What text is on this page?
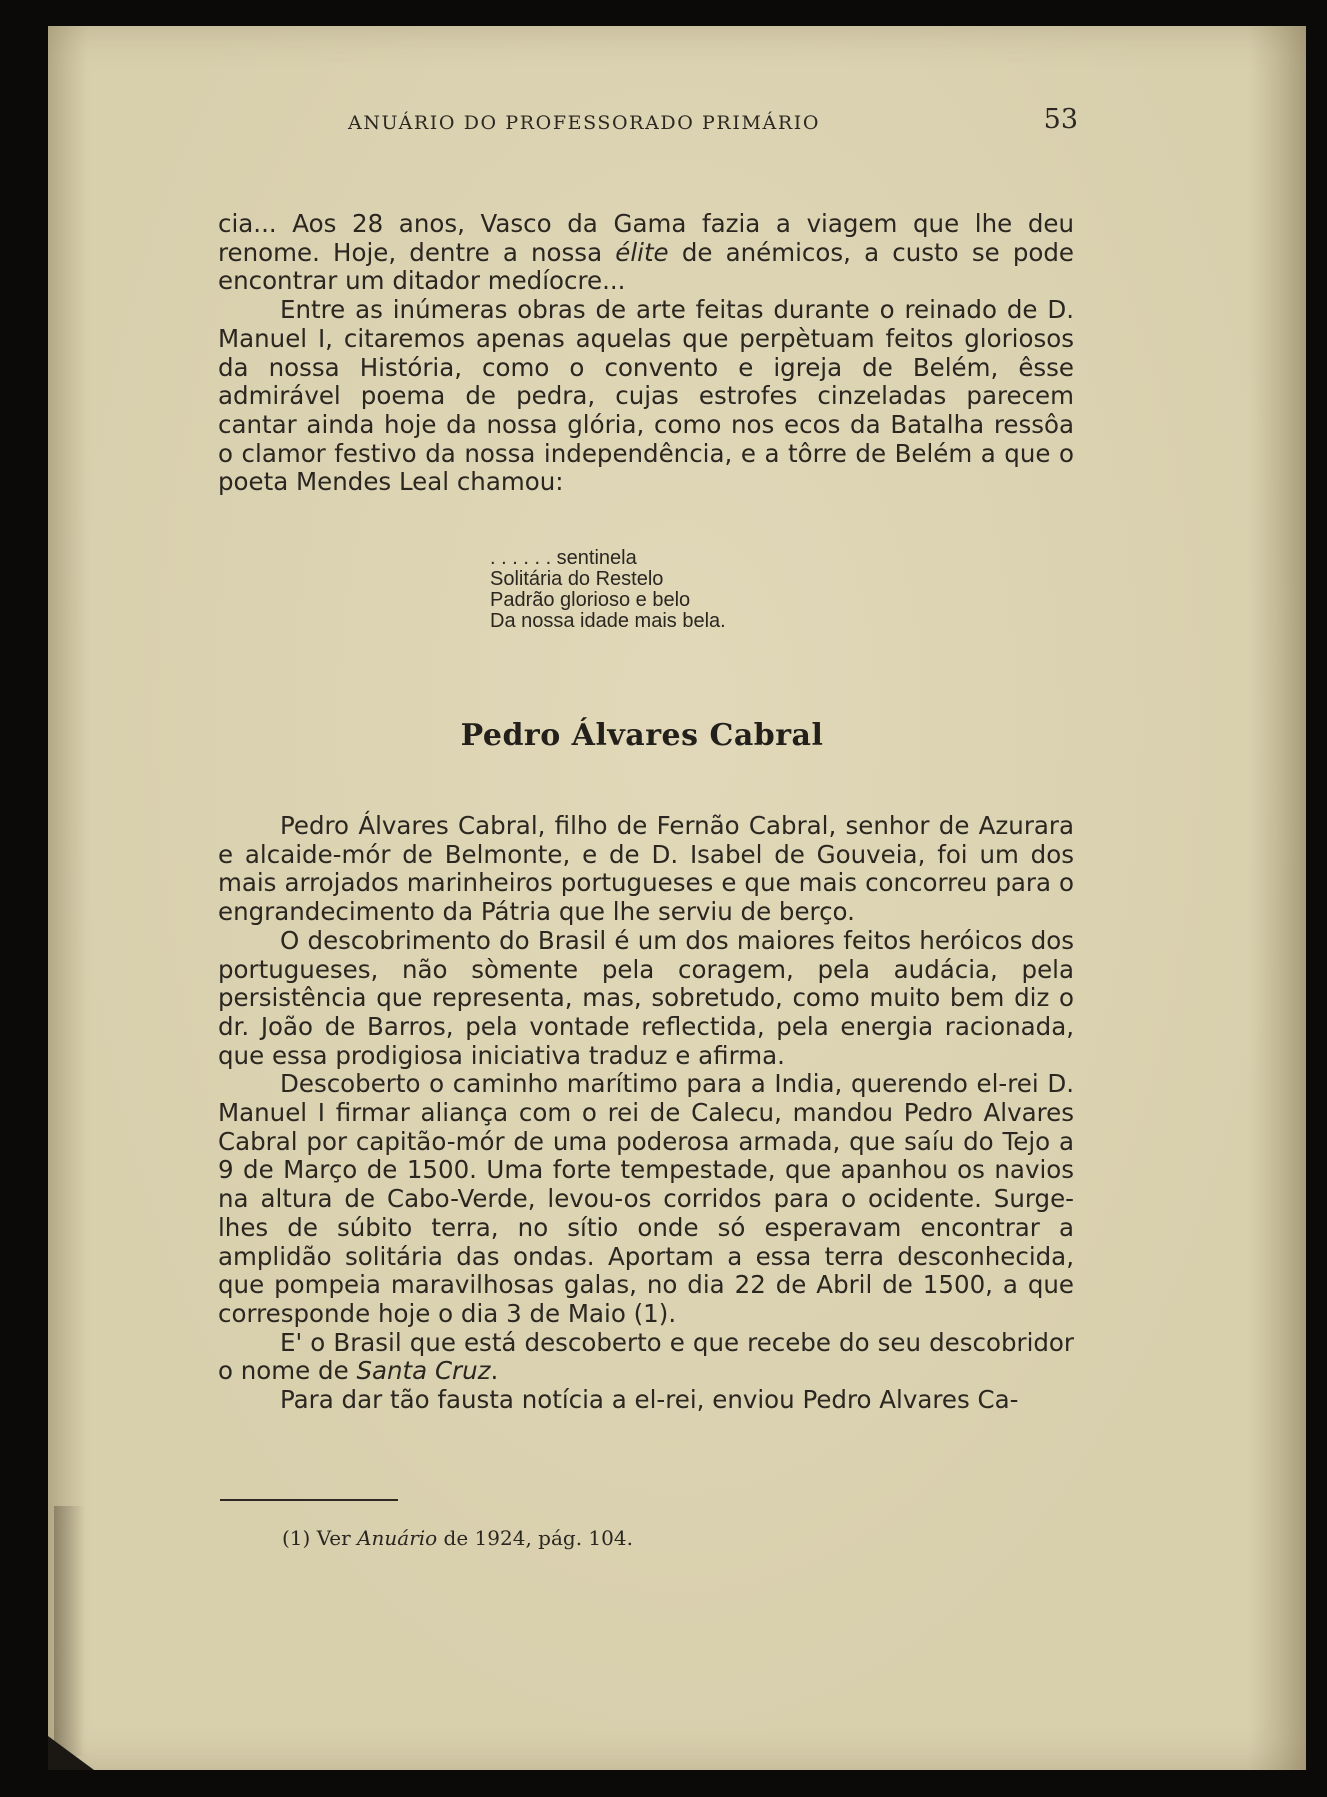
ANUÁRIO DO PROFESSORADO PRIMÁRIO	53

cia... Aos 28 anos, Vasco da Gama fazia a viagem que lhe deu renome. Hoje, dentre a nossa élite de anémicos, a custo se pode encontrar um ditador medíocre...

Entre as inúmeras obras de arte feitas durante o reinado de D. Manuel I, citaremos apenas aquelas que perpètuam feitos gloriosos da nossa História, como o convento e igreja de Belém, êsse admirável poema de pedra, cujas estrofes cinzeladas parecem cantar ainda hoje da nossa glória, como nos ecos da Batalha ressôa o clamor festivo da nossa independência, e a tôrre de Belém a que o poeta Mendes Leal chamou:

. . . . . . sentinela
Solitária do Restelo
Padrão glorioso e belo
Da nossa idade mais bela.
Pedro Álvares Cabral

Pedro Álvares Cabral, filho de Fernão Cabral, senhor de Azurara e alcaide-mór de Belmonte, e de D. Isabel de Gouveia, foi um dos mais arrojados marinheiros portugueses e que mais concorreu para o engrandecimento da Pátria que lhe serviu de berço.

O descobrimento do Brasil é um dos maiores feitos heróicos dos portugueses, não sòmente pela coragem, pela audácia, pela persistência que representa, mas, sobretudo, como muito bem diz o dr. João de Barros, pela vontade reflectida, pela energia racionada, que essa prodigiosa iniciativa traduz e afirma.

Descoberto o caminho marítimo para a India, querendo el-rei D. Manuel I firmar aliança com o rei de Calecu, mandou Pedro Alvares Cabral por capitão-mór de uma poderosa armada, que saíu do Tejo a 9 de Março de 1500. Uma forte tempestade, que apanhou os navios na altura de Cabo-Verde, levou-os corridos para o ocidente. Surge-lhes de súbito terra, no sítio onde só esperavam encontrar a amplidão solitária das ondas. Aportam a essa terra desconhecida, que pompeia maravilhosas galas, no dia 22 de Abril de 1500, a que corresponde hoje o dia 3 de Maio (1).

E' o Brasil que está descoberto e que recebe do seu descobridor o nome de Santa Cruz.

Para dar tão fausta notícia a el-rei, enviou Pedro Alvares Ca-

(1) Ver Anuário de 1924, pág. 104.
